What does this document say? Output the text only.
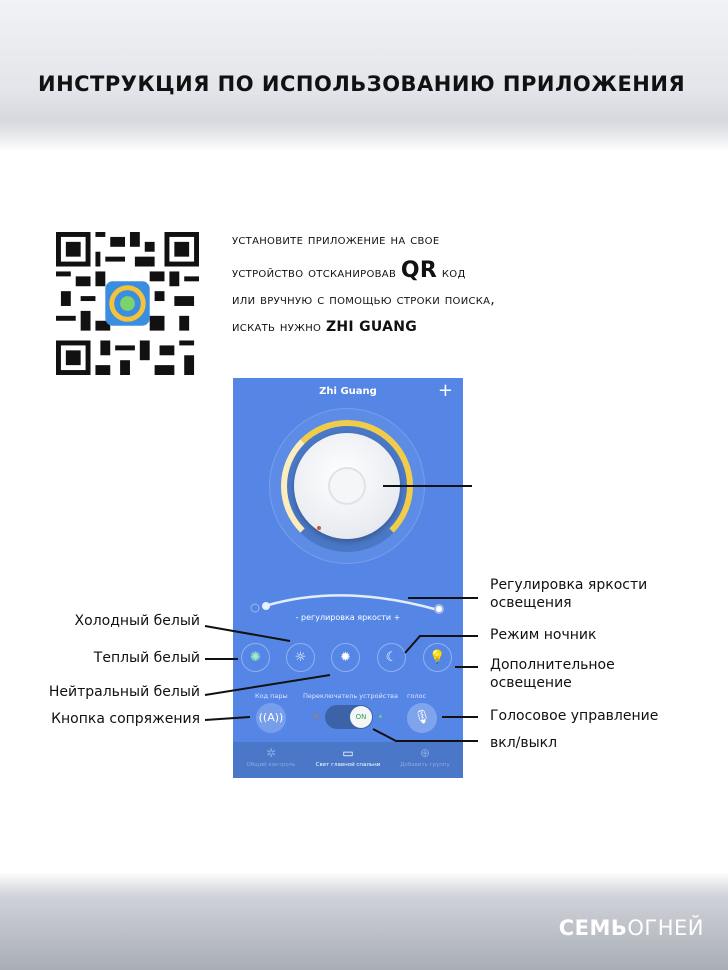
ИНСТРУКЦИЯ ПО ИСПОЛЬЗОВАНИЮ ПРИЛОЖЕНИЯ
установите приложение на свое
устройство отсканировав QR код
или вручную с помощью строки поиска,
искать нужно ZHI GUANG
Zhi Guang	+
- регулировка яркости +
✺	☼	✹	☾	💡
Код пары Переключатель устройства голос
((A))	ON	🎙
✲
Общий контроль
▭
Свет главной спальни
⊕
Добавить группу
Холодный белый
Теплый белый
Нейтральный белый
Кнопка сопряжения
Регулировка яркости
освещения
Режим ночник
Дополнительное
освещение
Голосовое управление
вкл/выкл
СЕМЬОГНЕЙ
